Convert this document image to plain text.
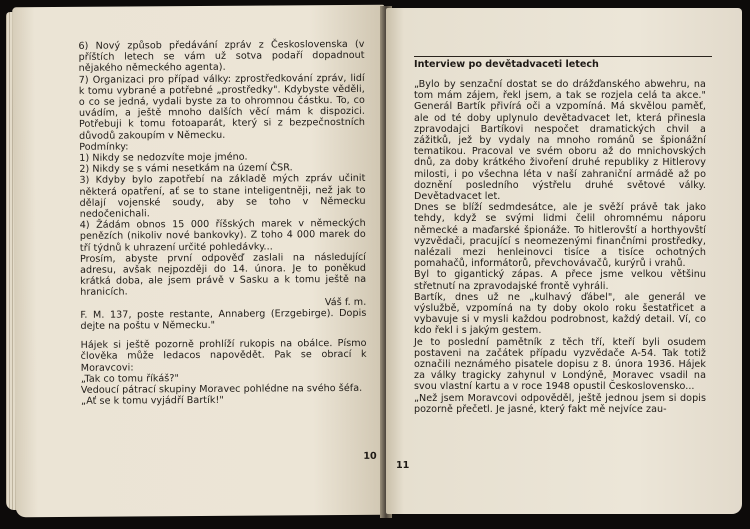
6) Nový způsob předávání zpráv z Československa (v příštích letech se vám už sotva podaří dopadnout nějakého německého agenta).

7) Organizaci pro případ války: zprostředkování zpráv, lidí k tomu vybrané a potřebné „prostředky". Kdybyste věděli, o co se jedná, vydali byste za to ohromnou částku. To, co uvádím, a ještě mnoho dalších věcí mám k dispozici. Potřebuji k tomu fotoaparát, který si z bezpečnostních důvodů zakoupím v Německu.

Podmínky:

1) Nikdy se nedozvíte moje jméno.

2) Nikdy se s vámi nesetkám na území ČSR.

3) Kdyby bylo zapotřebí na základě mých zpráv učinit některá opatření, ať se to stane inteligentněji, než jak to dělají vojenské soudy, aby se toho v Německu nedočenichali.

4) Žádám obnos 15 000 říšských marek v německých penězích (nikoliv nové bankovky). Z toho 4 000 marek do tří týdnů k uhrazení určité pohledávky...

Prosím, abyste první odpověď zaslali na následující adresu, avšak nejpozději do 14. února. Je to poněkud krátká doba, ale jsem právě v Sasku a k tomu ještě na hranicích.

Váš f. m.

F. M. 137, poste restante, Annaberg (Erzgebirge). Dopis dejte na poštu v Německu."

Hájek si ještě pozorně prohlíží rukopis na obálce. Písmo člověka může ledacos napovědět. Pak se obrací k Moravcovi:

„Tak co tomu říkáš?"

Vedoucí pátrací skupiny Moravec pohlédne na svého šéfa.

„Ať se k tomu vyjádří Bartík!"

10
Interview po devětadvaceti letech

„Bylo by senzační dostat se do drážďanského abwehru, na tom mám zájem, řekl jsem, a tak se rozjela celá ta akce." Generál Bartík přivírá oči a vzpomíná. Má skvělou paměť, ale od té doby uplynulo devětadvacet let, která přinesla zpravodajci Bartíkovi nespočet dramatických chvil a zážitků, jež by vydaly na mnoho románů se špionážní tematikou. Pracoval ve svém oboru až do mnichovských dnů, za doby krátkého živoření druhé republiky z Hitlerovy milosti, i po všechna léta v naší zahraniční armádě až po doznění posledního výstřelu druhé světové války. Devětadvacet let.

Dnes se blíží sedmdesátce, ale je svěží právě tak jako tehdy, když se svými lidmi čelil ohromnému náporu německé a maďarské špionáže. To hitlerovští a horthyovští vyzvědači, pracující s neomezenými finančními prostředky, nalézali mezi henleinovci tisíce a tisíce ochotných pomahačů, informátorů, převchovávačů, kurýrů i vrahů.

Byl to gigantický zápas. A přece jsme velkou většinu střetnutí na zpravodajské frontě vyhráli.

Bartík, dnes už ne „kulhavý ďábel", ale generál ve výslužbě, vzpomíná na ty doby okolo roku šestatřicet a vybavuje si v mysli každou podrobnost, každý detail. Ví, co kdo řekl i s jakým gestem.

Je to poslední pamětník z těch tří, kteří byli osudem postaveni na začátek případu vyzvědače A-54. Tak totiž označili neznámého pisatele dopisu z 8. února 1936. Hájek za války tragicky zahynul v Londýně, Moravec vsadil na svou vlastní kartu a v roce 1948 opustil Československo...

„Než jsem Moravcovi odpověděl, ještě jednou jsem si dopis pozorně přečetl. Je jasné, který fakt mě nejvíce zau-

11
